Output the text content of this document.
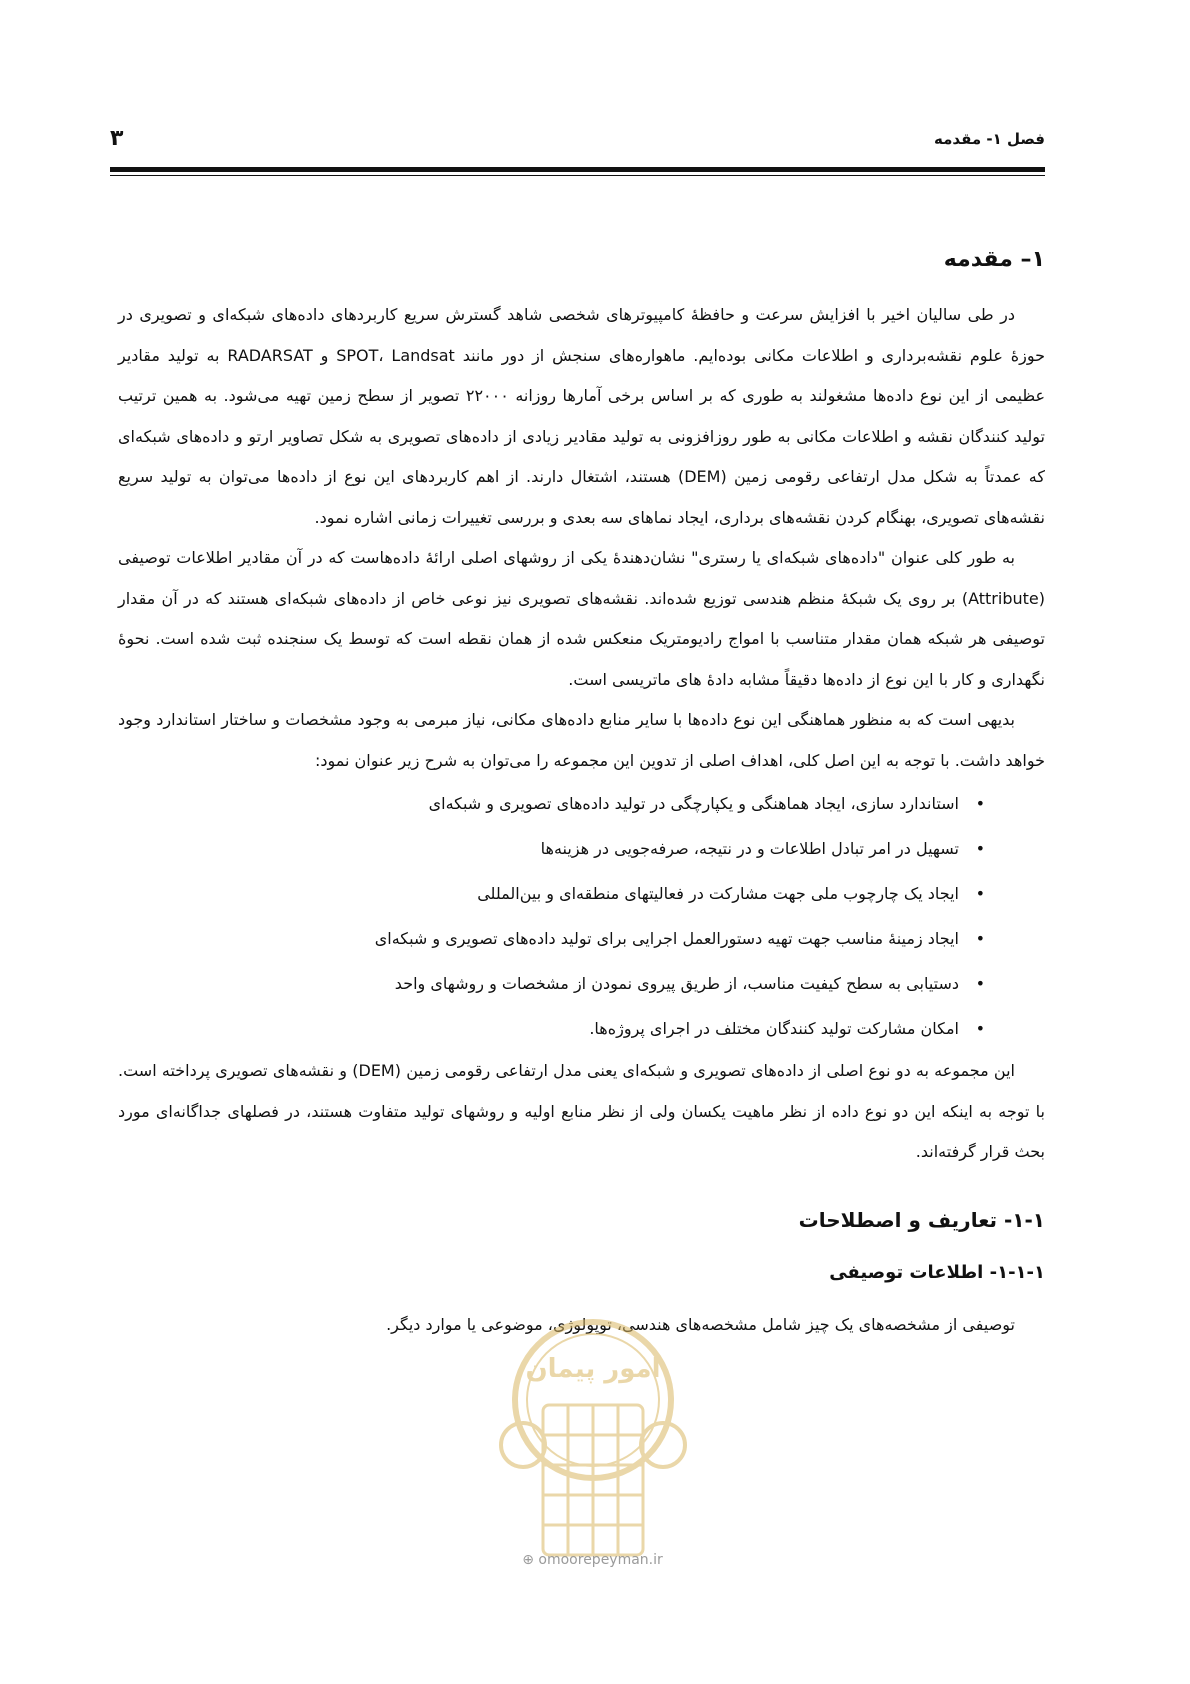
فصل ۱- مقدمه
۳
۱– مقدمه

در طی سالیان اخیر با افزایش سرعت و حافظهٔ کامپیوترهای شخصی شاهد گسترش سریع کاربردهای داده‌های شبکه‌ای و تصویری در حوزهٔ علوم نقشه‌برداری و اطلاعات مکانی بوده‌ایم. ماهواره‌های سنجش از دور مانند SPOT، Landsat و RADARSAT به تولید مقادیر عظیمی از این نوع داده‌ها مشغولند به طوری که بر اساس برخی آمارها روزانه ۲۲۰۰۰ تصویر از سطح زمین تهیه می‌شود. به همین ترتیب تولید کنندگان نقشه و اطلاعات مکانی به طور روزافزونی به تولید مقادیر زیادی از داده‌های تصویری به شکل تصاویر ارتو و داده‌های شبکه‌ای که عمدتاً به شکل مدل ارتفاعی رقومی زمین (DEM) هستند، اشتغال دارند. از اهم کاربردهای این نوع از داده‌ها می‌توان به تولید سریع نقشه‌های تصویری، بهنگام کردن نقشه‌های برداری، ایجاد نماهای سه بعدی و بررسی تغییرات زمانی اشاره نمود.

به طور کلی عنوان "داده‌های شبکه‌ای یا رستری" نشان‌دهندهٔ یکی از روشهای اصلی ارائهٔ داده‌هاست که در آن مقادیر اطلاعات توصیفی (Attribute) بر روی یک شبکهٔ منظم هندسی توزیع شده‌اند. نقشه‌های تصویری نیز نوعی خاص از داده‌های شبکه‌ای هستند که در آن مقدار توصیفی هر شبکه همان مقدار متناسب با امواج رادیومتریک منعکس شده از همان نقطه است که توسط یک سنجنده ثبت شده است. نحوهٔ نگهداری و کار با این نوع از داده‌ها دقیقاً مشابه دادهٔ های ماتریسی است.

بدیهی است که به منظور هماهنگی این نوع داده‌ها با سایر منابع داده‌های مکانی، نیاز مبرمی به وجود مشخصات و ساختار استاندارد وجود خواهد داشت. با توجه به این اصل کلی، اهداف اصلی از تدوین این مجموعه را می‌توان به شرح زیر عنوان نمود:

•
استاندارد سازی، ایجاد هماهنگی و یکپارچگی در تولید داده‌های تصویری و شبکه‌ای
•
تسهیل در امر تبادل اطلاعات و در نتیجه، صرفه‌جویی در هزینه‌ها
•
ایجاد یک چارچوب ملی جهت مشارکت در فعالیتهای منطقه‌ای و بین‌المللی
•
ایجاد زمینهٔ مناسب جهت تهیه دستورالعمل اجرایی برای تولید داده‌های تصویری و شبکه‌ای
•
دستیابی به سطح کیفیت مناسب، از طریق پیروی نمودن از مشخصات و روشهای واحد
•
امکان مشارکت تولید کنندگان مختلف در اجرای پروژه‌ها.

این مجموعه به دو نوع اصلی از داده‌های تصویری و شبکه‌ای یعنی مدل ارتفاعی رقومی زمین (DEM) و نقشه‌های تصویری پرداخته است. با توجه به اینکه این دو نوع داده از نظر ماهیت یکسان ولی از نظر منابع اولیه و روشهای تولید متفاوت هستند، در فصلهای جداگانه‌ای مورد بحث قرار گرفته‌اند.

۱-۱- تعاریف و اصطلاحات
۱-۱-۱- اطلاعات توصیفی

توصیفی از مشخصه‌های یک چیز شامل مشخصه‌های هندسی، توپولوژی، موضوعی یا موارد دیگر.

امور پیمان
⊕ omoorepeyman.ir
